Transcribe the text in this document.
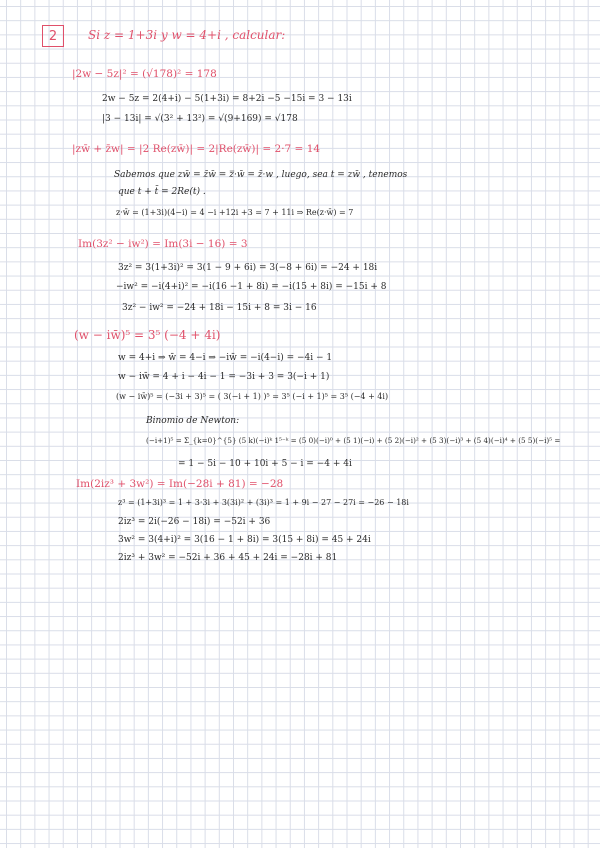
2	Si z = 1+3i y w = 4+i , calcular:
|2w − 5z|² = (√178)² = 178
2w − 5z = 2(4+i) − 5(1+3i) = 8+2i −5 −15i = 3 − 13i
|3 − 13i| = √(3² + 13²) = √(9+169) = √178
|zw̄ + z̄w| = |2 Re(zw̄)| = 2|Re(zw̄)| = 2·7 = 14
Sabemos que zw̄ = z̄w̄ = z̿·w̄ = z̄·w , luego, sea t = zw̄ , tenemos
que t + t̄ = 2Re(t) .
z·w̄ = (1+3i)(4−i) = 4 −i +12i +3 = 7 + 11i ⇒ Re(z·w̄) = 7
Im(3z² − iw²) = Im(3i − 16) = 3
3z² = 3(1+3i)² = 3(1 − 9 + 6i) = 3(−8 + 6i) = −24 + 18i
−iw² = −i(4+i)² = −i(16 −1 + 8i) = −i(15 + 8i) = −15i + 8
3z² − iw² = −24 + 18i − 15i + 8 = 3i − 16
(w − iw̄)⁵ = 3⁵ (−4 + 4i)
w = 4+i ⇒ w̄ = 4−i ⇒ −iw̄ = −i(4−i) = −4i − 1
w − iw̄ = 4 + i − 4i − 1 = −3i + 3 = 3(−i + 1)
(w − iw̄)⁵ = (−3i + 3)⁵ = ( 3(−i + 1) )⁵ = 3⁵ (−i + 1)⁵ = 3⁵ (−4 + 4i)
Binomio de Newton:
(−i+1)⁵ = Σ_{k=0}^{5} (5 k)(−i)ᵏ 1⁵⁻ᵏ = (5 0)(−i)⁰ + (5 1)(−i) + (5 2)(−i)² + (5 3)(−i)³ + (5 4)(−i)⁴ + (5 5)(−i)⁵ =
= 1 − 5i − 10 + 10i + 5 − i = −4 + 4i
Im(2iz³ + 3w²) = Im(−28i + 81) = −28
z³ = (1+3i)³ = 1 + 3·3i + 3(3i)² + (3i)³ = 1 + 9i − 27 − 27i = −26 − 18i
2iz³ = 2i(−26 − 18i) = −52i + 36
3w² = 3(4+i)² = 3(16 − 1 + 8i) = 3(15 + 8i) = 45 + 24i
2iz³ + 3w² = −52i + 36 + 45 + 24i = −28i + 81
